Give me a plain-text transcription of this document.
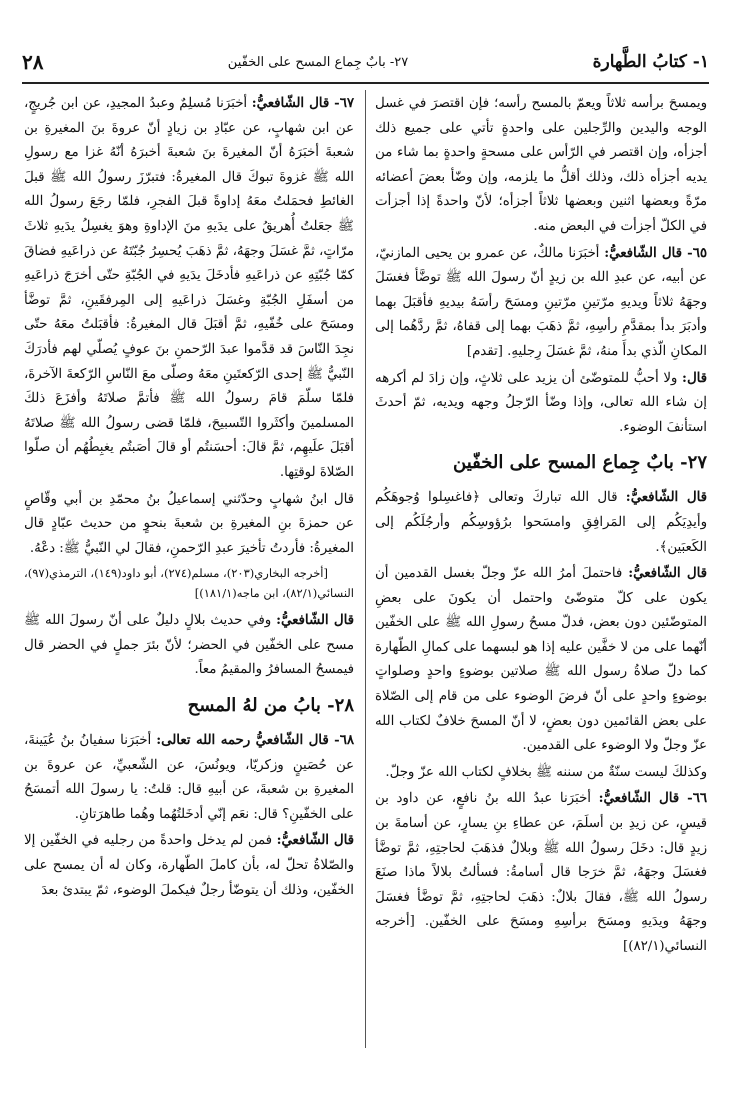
١- كتابُ الطَّهارة
٢٧- بابٌ جِماع المسح على الخفّين
٢٨

ويمسحَ برأسه ثلاثاً ويعمّ بالمسح رأسه؛ فإن اقتصرَ في غسل الوجه واليدين والرِّجلين على واحدةٍ تأتي على جميع ذلك أجزأه، وإن اقتصر في الرّأس على مسحةٍ واحدةٍ بما شاء من يديه أجزأه ذلك، وذلك أقلُّ ما يلزمه، وإن وضّأ بعضَ أعضائه مرّةً وبعضها اثنين وبعضها ثلاثاً أجزأه؛ لأنّ واحدةً إذا أجزأت في الكلّ أجزأت في البعض منه.

٦٥- قال الشّافعيُّ: أخبَرَنا مالكٌ، عن عمرو بن يحيى المازنيّ، عن أبيه، عن عبدِ الله بن زيدٍ أنّ رسولَ الله ﷺ توضَّأ فغسَلَ وجهَهُ ثلاثاً ويديهِ مرّتينِ مرّتينِ ومسَحَ رأسَهُ بيديهِ فأقبَلَ بهما وأدبَرَ بدأ بمقدَّمِ رأسِهِ، ثمَّ ذهَبَ بهما إلى قفاهُ، ثمَّ ردَّهُما إلى المكانِ الّذي بدأَ منهُ، ثمَّ غسَلَ رِجليهِ. [تقدم]

قال: ولا أحبُّ للمتوضّئ أن يزيد على ثلاثٍ، وإن زادَ لم أكرهه إن شاء الله تعالى، وإذا وضّأ الرّجلُ وجهه ويديه، ثمّ أحدثَ استأنفَ الوضوء.

٢٧- بابٌ جِماع المسح على الخفّين

قال الشّافعيُّ: قال الله تباركَ وتعالى ﴿فاغسِلوا وُجوهَكُم وأيدِيَكُم إلى المَرافِقِ وامسَحوا برُؤوسِكُم وأرجُلَكُم إلى الكَعبَين﴾.

قال الشّافعيُّ: فاحتملَ أمرُ الله عزّ وجلّ بغسل القدمين أن يكون على كلّ متوضّئ واحتمل أن يكونَ على بعضِ المتوضّئين دون بعض، فدلّ مسحُ رسولِ الله ﷺ على الخفّين أنّهما على من لا خفَّين عليه إذا هو لبسهما على كمالِ الطّهارة كما دلّ صلاةُ رسول الله ﷺ صلاتين بوضوءٍ واحدٍ وصلواتٍ بوضوءٍ واحدٍ على أنّ فرضَ الوضوء على من قام إلى الصّلاة على بعض القائمين دون بعضٍ، لا أنّ المسحَ خلافٌ لكتاب الله عزّ وجلّ ولا الوضوء على القدمين.

وكذلكَ ليست سنّةٌ من سننه ﷺ بخلافٍ لكتاب الله عزّ وجلّ.

٦٦- قال الشّافعيُّ: أخبَرَنا عبدُ الله بنُ نافعٍ، عن داود بن قيسٍ، عن زيدِ بن أسلَمَ، عن عطاءِ بنِ يسارٍ، عن أسامةَ بن زيدٍ قال: دخَلَ رسولُ الله ﷺ وبلالٌ فذهَبَ لحاجتِهِ، ثمَّ توضَّأ فغسَلَ وجهَهُ، ثمَّ خرَجا قال أسامةُ: فسألتُ بلالاً ماذا صنَعَ رسولُ الله ﷺ، فقالَ بلالٌ: ذهَبَ لحاجتِهِ، ثمَّ توضَّأ فغسَلَ وجهَهُ ويدَيهِ ومسَحَ برأسِهِ ومسَحَ على الخفّين. [أخرجه النسائي(٨٢/١)]

٦٧- قال الشّافعيُّ: أخبَرَنا مُسلِمٌ وعبدُ المجيدِ، عن ابن جُريجٍ، عن ابن شهابٍ، عن عبّادِ بن زيادٍ أنّ عروةَ بنَ المغيرةِ بن شعبةَ أخبَرَهُ أنّ المغيرةَ بنَ شعبةَ أخبرَهُ أنّهُ غزا مع رسولِ الله ﷺ غزوةَ تبوكَ قال المغيرةُ: فتبرّزَ رسولُ الله ﷺ قبلَ الغائطِ فحمَلتُ معَهُ إداوةً قبلَ الفجرِ، فلمّا رجَعَ رسولُ الله ﷺ جعَلتُ أُهريقُ على يدَيهِ منَ الإداوةِ وهوَ يغسِلُ يدَيهِ ثلاثَ مرّاتٍ، ثمَّ غسَلَ وجهَهُ، ثمَّ ذهَبَ يُحسِرُ جُبّتَهُ عن ذراعَيهِ فضاقَ كمّا جُبّتِهِ عن ذراعَيهِ فأدخَلَ يدَيهِ في الجُبّةِ حتّى أخرَجَ ذراعَيهِ من أسفَلِ الجُبّةِ وغسَلَ ذراعَيهِ إلى المِرفقَينِ، ثمَّ توضَّأ ومسَحَ على خُفّيهِ، ثمَّ أقبَلَ قال المغيرةُ: فأقبَلتُ معَهُ حتّى نجِدَ النّاسَ قد قدَّموا عبدَ الرّحمنِ بنَ عوفٍ يُصلّي لهم فأدرَكَ النّبيُّ ﷺ إحدى الرّكعتَينِ معَهُ وصلّى معَ النّاسِ الرّكعةَ الآخرةَ، فلمّا سلّمَ قامَ رسولُ الله ﷺ فأتمَّ صلاتَهُ وأفزَعَ ذلكَ المسلمينَ وأكثَروا التّسبيحَ، فلمّا قضى رسولُ الله ﷺ صلاتَهُ أقبَلَ علَيهِم، ثمَّ قالَ: أحسَنتُم أو قالَ أصَبتُم يغبِطُهُم أن صلّوا الصّلاةَ لوقتِها.

قال ابنُ شهابٍ وحدّثني إسماعيلُ بنُ محمّدِ بن أبي وقّاصٍ عن حمزةَ بنِ المغيرةِ بن شعبةَ بنحوٍ من حديث عبّادٍ قال المغيرةُ: فأردتُ تأخيرَ عبدِ الرّحمنِ، فقالَ لي النّبيُّ ﷺ: دعْهُ.

[أخرجه البخاري(٢٠٣)، مسلم(٢٧٤)، أبو داود(١٤٩)، الترمذي(٩٧)، النسائي(٨٢/١)، ابن ماجه(١٨١/١)]

قال الشّافعيُّ: وفي حديث بلالٍ دليلٌ على أنّ رسولَ الله ﷺ مسح على الخفّين في الحضر؛ لأنّ بئرَ جملٍ في الحضر قال فيمسحُ المسافرُ والمقيمُ معاً.

٢٨- بابُ من لهُ المسح

٦٨- قال الشّافعيُّ رحمه الله تعالى: أخبَرَنا سفيانُ بنُ عُيَينةَ، عن حُصَينٍ وزكريّا، ويونُسَ، عن الشّعبيِّ، عن عروةَ بن المغيرةِ بن شعبةَ، عن أبيهِ قال: قلتُ: يا رسولَ الله أتمسَحُ على الخفّينِ؟ قال: نعَم إنّي أدخَلتُهُما وهُما طاهرَتانِ.

قال الشّافعيُّ: فمن لم يدخل واحدةً من رجليه في الخفّين إلا والصّلاةُ تحلّ له، بأن كاملَ الطّهارة، وكان له أن يمسح على الخفّين، وذلك أن يتوضّأ رجلٌ فيكملَ الوضوء، ثمّ يبتدئ بعدَ
